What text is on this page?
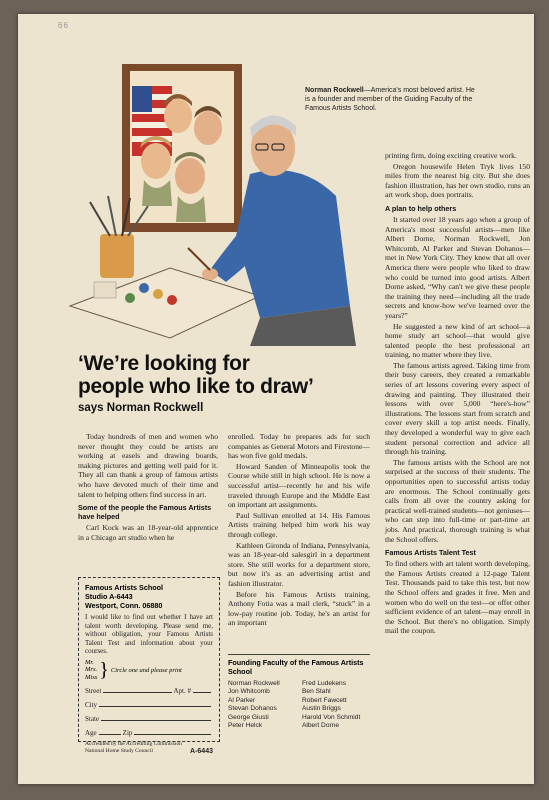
66
Norman Rockwell—America's most beloved artist. He is a founder and member of the Guiding Faculty of the Famous Artists School.
‘We’re looking for
people who like to draw’
says Norman Rockwell

Today hundreds of men and women who never thought they could be artists are working at easels and drawing boards, making pictures and getting well paid for it. They all can thank a group of famous artists who have devoted much of their time and talent to helping others find success in art.

Some of the people the Famous Artists have helped

Carl Kock was an 18-year-old apprentice in a Chicago art studio when he

Famous Artists School
Studio A-6443
Westport, Conn. 06880
I would like to find out whether I have art talent worth developing. Please send me, without obligation, your Famous Artists Talent Test and information about your courses.
Mr.
Mrs.
Miss } Circle one and please print
Street	Apt. #
City
State
Age	Zip
Accredited by the Accrediting Commission
National Home Study Council	A-6443

enrolled. Today he prepares ads for such companies as General Motors and Firestone—has won five gold medals.

Howard Sanden of Minneapolis took the Course while still in high school. He is now a successful artist—recently he and his wife traveled through Europe and the Middle East on important art assignments.

Paul Sullivan enrolled at 14. His Famous Artists training helped him work his way through college.

Kathleen Gironda of Indiana, Pennsylvania, was an 18-year-old salesgirl in a department store. She still works for a department store, but now it's as an advertising artist and fashion illustrator.

Before his Famous Artists training, Anthony Fotia was a mail clerk, “stuck” in a low-pay routine job. Today, he's an artist for an important

Founding Faculty of the Famous Artists School
Norman Rockwell	Fred Ludekens
Jon Whitcomb	Ben Stahl
Al Parker	Robert Fawcett
Stevan Dohanos	Austin Briggs
George Giusti	Harold Von Schmidt
Peter Helck	Albert Dorne

printing firm, doing exciting creative work.

Oregon housewife Helen Tryk lives 150 miles from the nearest big city. But she does fashion illustration, has her own studio, runs an art work shop, does portraits.

A plan to help others

It started over 18 years ago when a group of America's most successful artists—men like Albert Dorne, Norman Rockwell, Jon Whitcomb, Al Parker and Stevan Dohanos—met in New York City. They knew that all over America there were people who liked to draw who could be turned into good artists. Albert Dorne asked, “Why can't we give these people the training they need—including all the trade secrets and know-how we've learned over the years?”

He suggested a new kind of art school—a home study art school—that would give talented people the best professional art training, no matter where they live.

The famous artists agreed. Taking time from their busy careers, they created a remarkable series of art lessons covering every aspect of drawing and painting. They illustrated their lessons with over 5,000 “here's-how” illustrations. The lessons start from scratch and cover every skill a top artist needs. Finally, they developed a wonderful way to give each student personal correction and advice all through his training.

The famous artists with the School are not surprised at the success of their students. The opportunities open to successful artists today are enormous. The School continually gets calls from all over the country asking for practical well-trained students—not geniuses—who can step into full-time or part-time art jobs. And practical, thorough training is what the School offers.

Famous Artists Talent Test

To find others with art talent worth developing, the Famous Artists created a 12-page Talent Test. Thousands paid to take this test, but now the School offers and grades it free. Men and women who do well on the test—or offer other sufficient evidence of art talent—may enroll in the School. But there's no obligation. Simply mail the coupon.
